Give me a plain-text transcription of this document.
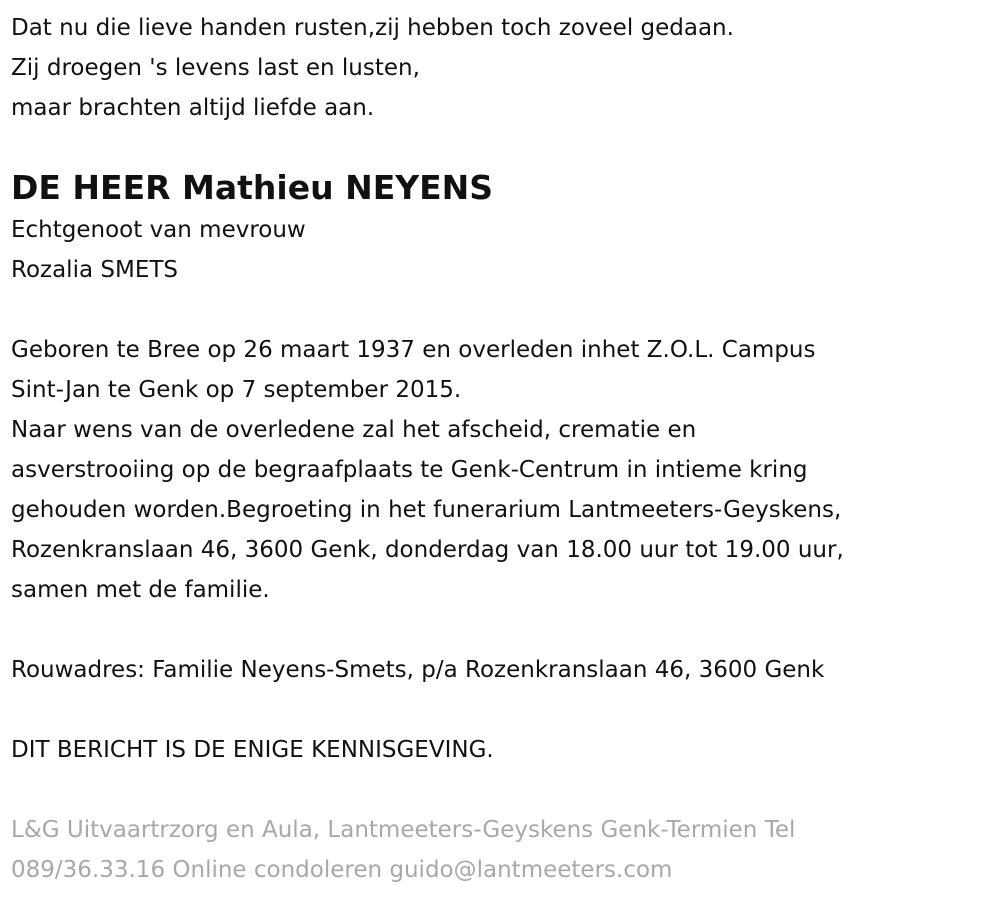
Dat nu die lieve handen rusten,zij hebben toch zoveel gedaan.
Zij droegen 's levens last en lusten,
maar brachten altijd liefde aan.
DE HEER Mathieu NEYENS
Echtgenoot van mevrouw
Rozalia SMETS
Geboren te Bree op 26 maart 1937 en overleden inhet Z.O.L. Campus
Sint-Jan te Genk op 7 september 2015.
Naar wens van de overledene zal het afscheid, crematie en
asverstrooiing op de begraafplaats te Genk-Centrum in intieme kring
gehouden worden.Begroeting in het funerarium Lantmeeters-Geyskens,
Rozenkranslaan 46, 3600 Genk, donderdag van 18.00 uur tot 19.00 uur,
samen met de familie.
Rouwadres: Familie Neyens-Smets, p/a Rozenkranslaan 46, 3600 Genk
DIT BERICHT IS DE ENIGE KENNISGEVING.
L&G Uitvaartrzorg en Aula, Lantmeeters-Geyskens Genk-Termien Tel
089/36.33.16 Online condoleren guido@lantmeeters.com
